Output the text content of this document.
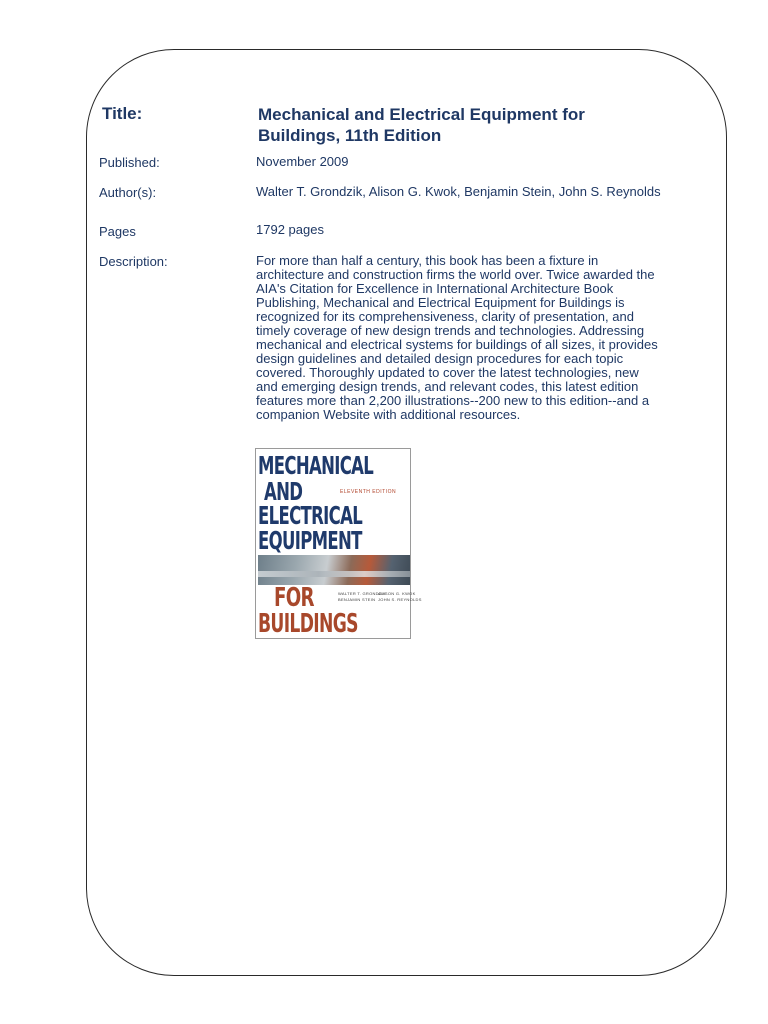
Title:	Mechanical and Electrical Equipment for Buildings, 11th Edition
Published:	November 2009
Author(s):	Walter T. Grondzik, Alison G. Kwok, Benjamin Stein, John S. Reynolds
Pages	1792 pages
Description:	For more than half a century, this book has been a fixture in architecture and construction firms the world over. Twice awarded the AIA's Citation for Excellence in International Architecture Book Publishing, Mechanical and Electrical Equipment for Buildings is recognized for its comprehensiveness, clarity of presentation, and timely coverage of new design trends and technologies. Addressing mechanical and electrical systems for buildings of all sizes, it provides design guidelines and detailed design procedures for each topic covered. Thoroughly updated to cover the latest technologies, new and emerging design trends, and relevant codes, this latest edition features more than 2,200 illustrations--200 new to this edition--and a companion Website with additional resources.
MECHANICAL
AND	ELEVENTH EDITION
ELECTRICAL
EQUIPMENT
WALTER T. GRONDZIK
ALISON G. KWOK
BENJAMIN STEIN JOHN S. REYNOLDS
FOR
BUILDINGS
